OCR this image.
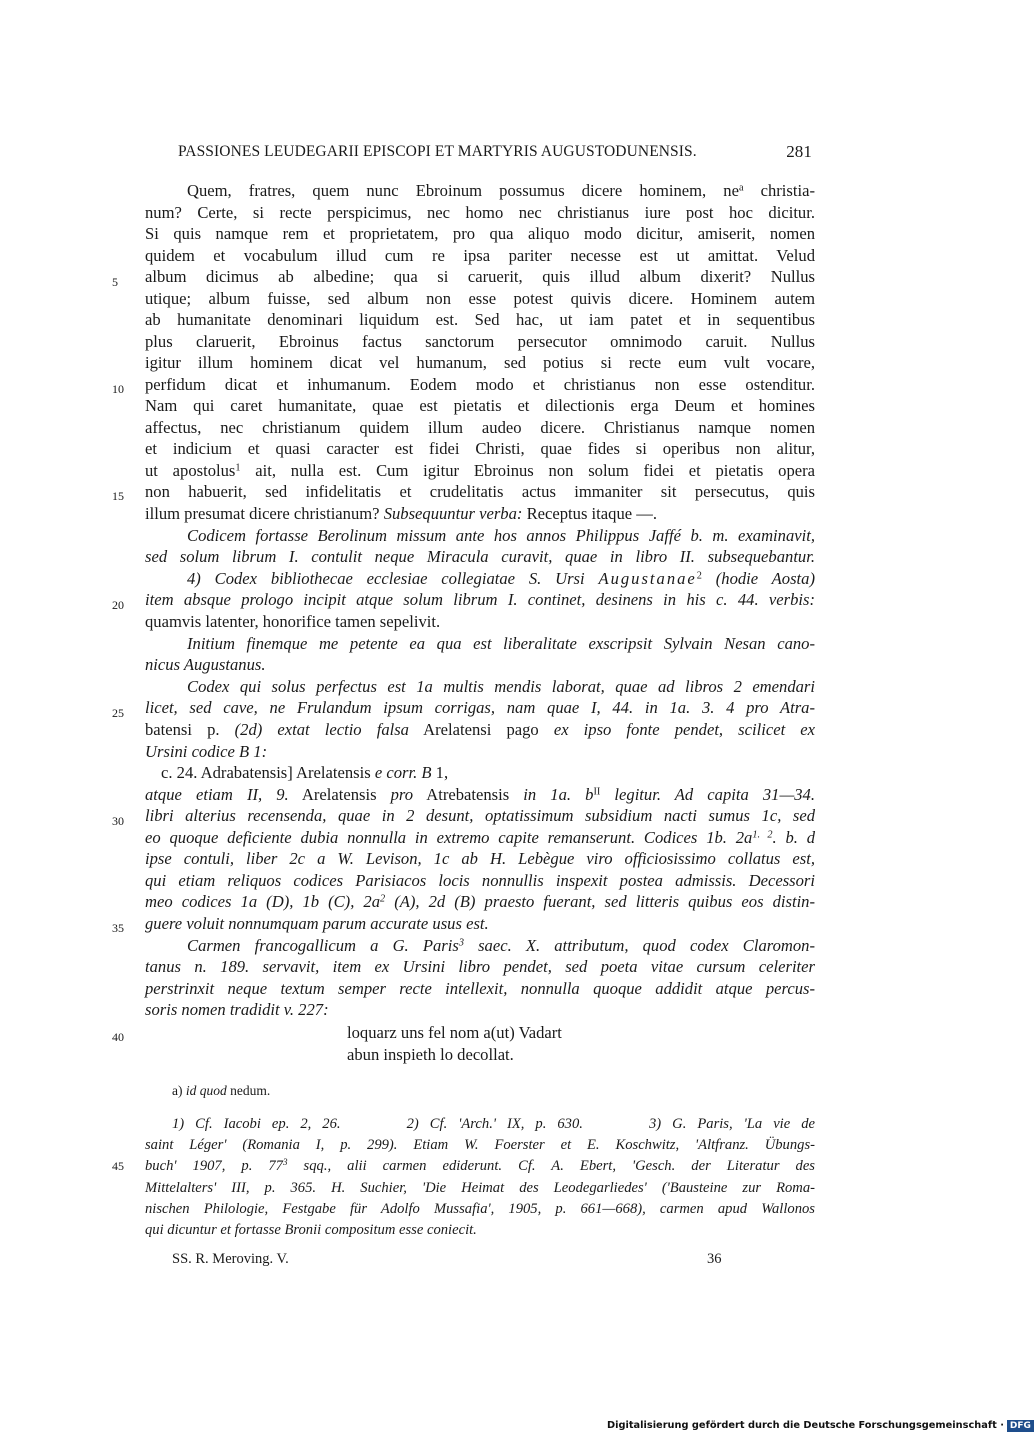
PASSIONES LEUDEGARII EPISCOPI ET MARTYRIS AUGUSTODUNENSIS.	281
5
10
15
20
25
30
35
40
45
Quem, fratres, quem nunc Ebroinum possumus dicere hominem, $ne^a$ christia-
num? Certe, si recte perspicimus, nec homo nec christianus iure post hoc dicitur.
Si quis namque rem et proprietatem, pro qua aliquo modo dicitur, amiserit, nomen
quidem et vocabulum illud cum re ipsa pariter necesse est ut amittat. Velud
album dicimus ab albedine; qua si caruerit, quis illud album dixerit? Nullus
utique; album fuisse, sed album non esse potest quivis dicere. Hominem autem
ab humanitate denominari liquidum est. Sed hac, ut iam patet et in sequentibus
plus claruerit, Ebroinus factus sanctorum persecutor omnimodo caruit. Nullus
igitur illum hominem dicat vel humanum, sed potius si recte eum vult vocare,
perfidum dicat et inhumanum. Eodem modo et christianus non esse ostenditur.
Nam qui caret humanitate, quae est pietatis et dilectionis erga Deum et homines
affectus, nec christianum quidem illum audeo dicere. Christianus namque nomen
et indicium et quasi caracter est fidei Christi, quae fides si operibus non alitur,
ut apostolus$^1$ ait, nulla est. Cum igitur Ebroinus non solum fidei et pietatis opera
non habuerit, sed infidelitatis et crudelitatis actus immaniter sit persecutus, quis
illum presumat dicere christianum? Subsequuntur verba: Receptus itaque —.
Codicem fortasse Berolinum missum ante hos annos Philippus Jaffé b. m. examinavit,
sed solum librum I. contulit neque Miracula curavit, quae in libro II. subsequebantur.
4) Codex bibliothecae ecclesiae collegiatae S. Ursi Augustanae$^2$ (hodie Aosta)
item absque prologo incipit atque solum librum I. continet, desinens in his c. 44. verbis:
quamvis latenter, honorifice tamen sepelivit.
Initium finemque me petente ea qua est liberalitate exscripsit Sylvain Nesan cano-
nicus Augustanus.
Codex qui solus perfectus est 1a multis mendis laborat, quae ad libros 2 emendari
licet, sed cave, ne Frulandum ipsum corrigas, nam quae I, 44. in 1a. 3. 4 pro Atra-
batensi p. (2d) extat lectio falsa Arelatensi pago ex ipso fonte pendet, scilicet ex
Ursini codice B 1:
c. 24. Adrabatensis] Arelatensis e corr. B 1,
atque etiam II, 9. Arelatensis pro Atrebatensis in 1a. $b^{II}$ legitur. Ad capita 31—34.
libri alterius recensenda, quae in 2 desunt, optatissimum subsidium nacti sumus 1c, sed
eo quoque deficiente dubia nonnulla in extremo capite remanserunt. Codices 1b. $2a^{1. 2}$. b. d
ipse contuli, liber 2c a W. Levison, 1c ab H. Lebègue viro officiosissimo collatus est,
qui etiam reliquos codices Parisiacos locis nonnullis inspexit postea admissis. Decessori
meo codices 1a (D), 1b (C), $2a^2$ (A), 2d (B) praesto fuerant, sed litteris quibus eos distin-
guere voluit nonnumquam parum accurate usus est.
Carmen francogallicum a G. Paris$^3$ saec. X. attributum, quod codex Claromon-
tanus n. 189. servavit, item ex Ursini libro pendet, sed poeta vitae cursum celeriter
perstrinxit neque textum semper recte intellexit, nonnulla quoque addidit atque percus-
soris nomen tradidit v. 227:
loquarz uns fel nom a(ut) Vadart
abun inspieth lo decollat.
a) id quod nedum.
1) Cf. Iacobi ep. 2, 26.      2) Cf. 'Arch.' IX, p. 630.      3) G. Paris, 'La vie de
saint Léger' (Romania I, p. 299). Etiam W. Foerster et E. Koschwitz, 'Altfranz. Übungs-
buch' 1907, p. $77^3$ sqq., alii carmen ediderunt. Cf. A. Ebert, 'Gesch. der Literatur des
Mittelalters' III, p. 365. H. Suchier, 'Die Heimat des Leodegarliedes' ('Bausteine zur Roma-
nischen Philologie, Festgabe für Adolfo Mussafia', 1905, p. 661—668), carmen apud Wallonos
qui dicuntur et fortasse Bronii compositum esse coniecit.
SS. R. Meroving. V.	36
Digitalisierung gefördert durch die Deutsche Forschungsgemeinschaft · DFG
